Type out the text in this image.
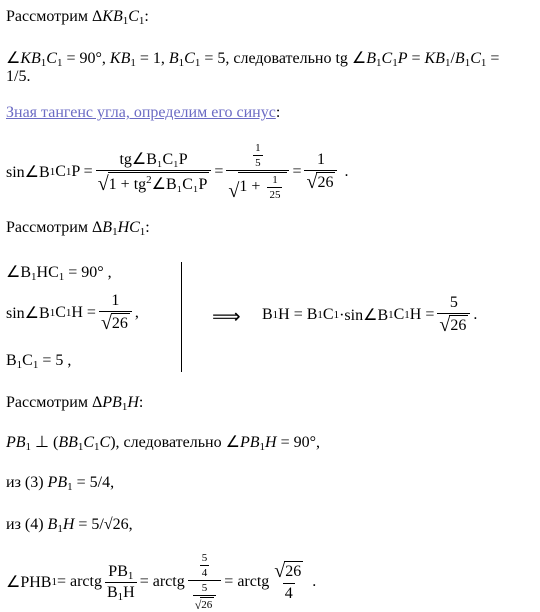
Рассмотрим $\Delta KB_1C_1$:
$\angle KB_1C_1 = 90^\circ$, $KB_1 = 1$, $B_1C_1 = 5$, следовательно tg $\angle B_1C_1P = KB_1/B_1C_1$ =
1/5.
Зная тангенс угла, определим его синус:
sin∠B 1 C 1 $P = \frac{\text{tg∠B₁C₁P}}{√ 1 + tg^2\angle B_1C_1P} = \frac{\frac{1}{5}}{√ 1 + \frac{1}{25}} = \frac{1}{√ 26}$ .
Рассмотрим $\Delta B_1HC_1$:
$\angle B_1HC_1 = 90^\circ$ ,
sin∠B 1 C 1 $H = \frac{1}{√ 26}$ ,
$B_1C_1 = 5$ ,
⟹ B 1 H = B 1 C 1 ·sin∠B 1 C 1 $H = \frac{5}{√ 26}$ .
Рассмотрим $\Delta PB_1H$:
$PB_1$ ⊥ $(BB_1C_1C)$, следовательно $\angle PB_1H = 90^\circ$,
из (3) $PB_1 = 5/4$,
из (4) $B_1H = 5/√26$,
∠PHB 1 = arctg $\frac{PB_1}{B_1H}$ = arctg $\frac{\frac{5}{4}}{\frac{5}{√ 26}}$ = arctg $\frac{√ 26}{4}$ .
